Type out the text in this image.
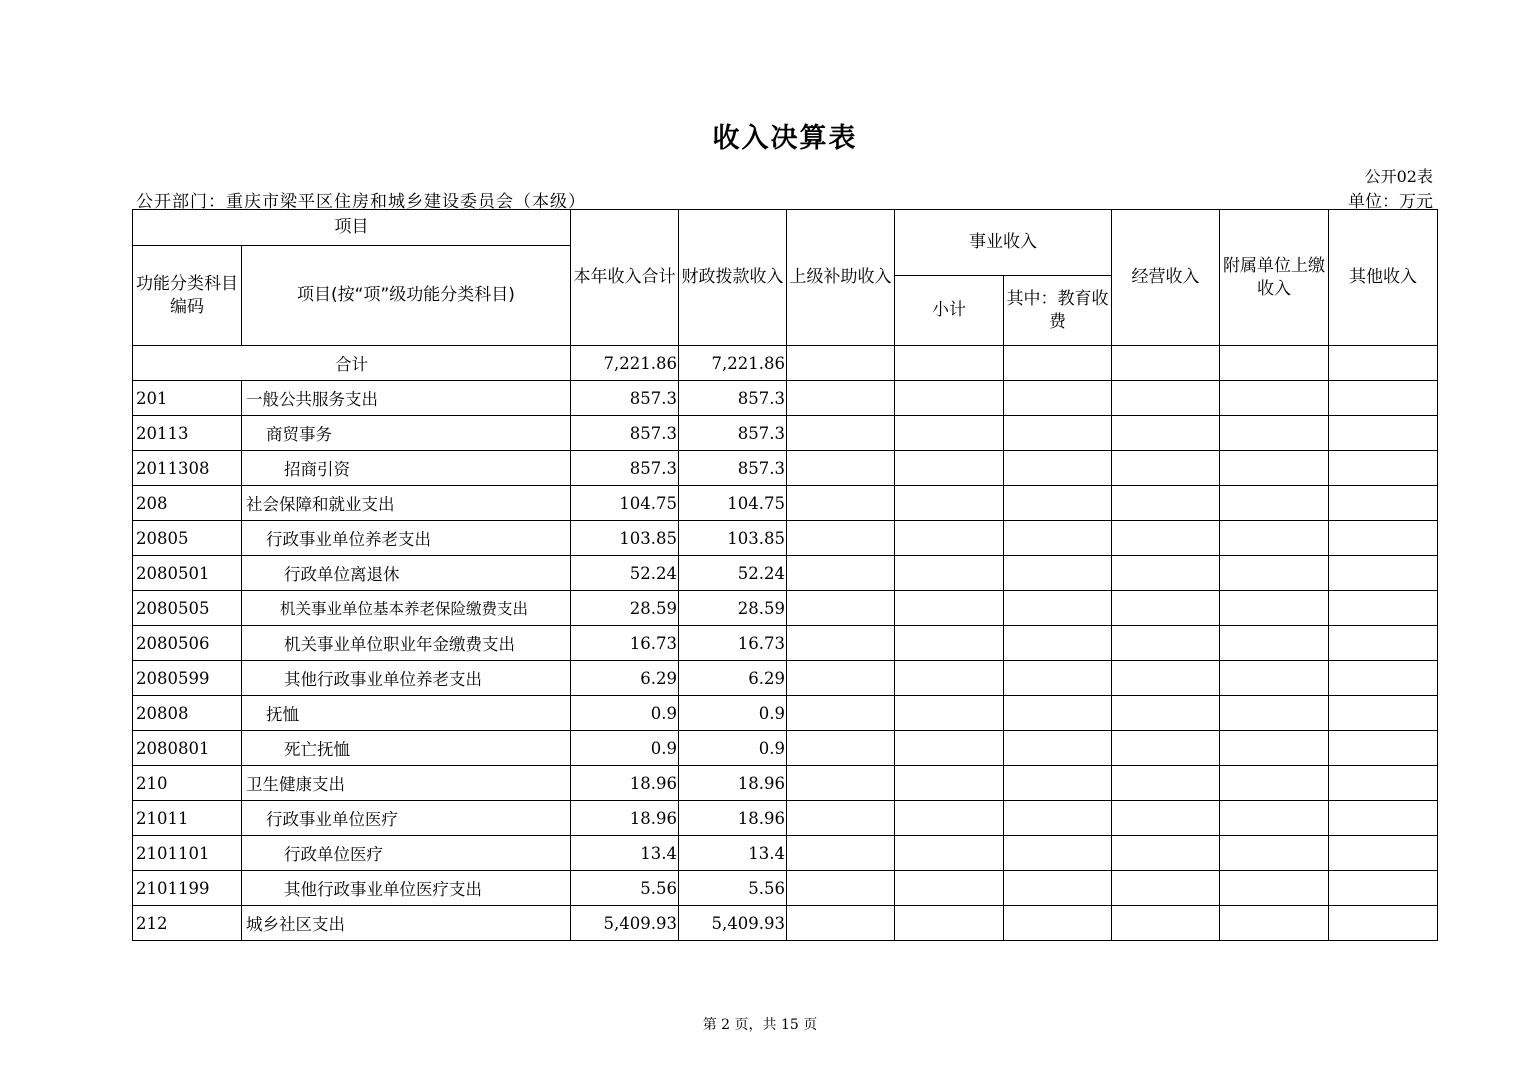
收入决算表
公开02表
公开部门：重庆市梁平区住房和城乡建设委员会（本级）	单位：万元
项目		本年收入合计	财政拨款收入	上级补助收入	事业收入		经营收入	附属单位上缴收入	其他收入
功能分类科目编码	项目(按“项”级功能分类科目)								
					小计	其中：教育收费			
合计		7,221.86	7,221.86						
201	一般公共服务支出	857.3	857.3						
20113	商贸事务	857.3	857.3						
2011308	招商引资	857.3	857.3						
208	社会保障和就业支出	104.75	104.75						
20805	行政事业单位养老支出	103.85	103.85						
2080501	行政单位离退休	52.24	52.24						
2080505	机关事业单位基本养老保险缴费支出	28.59	28.59						
2080506	机关事业单位职业年金缴费支出	16.73	16.73						
2080599	其他行政事业单位养老支出	6.29	6.29						
20808	抚恤	0.9	0.9						
2080801	死亡抚恤	0.9	0.9						
210	卫生健康支出	18.96	18.96						
21011	行政事业单位医疗	18.96	18.96						
2101101	行政单位医疗	13.4	13.4						
2101199	其他行政事业单位医疗支出	5.56	5.56						
212	城乡社区支出	5,409.93	5,409.93						
第 2 页，共 15 页
